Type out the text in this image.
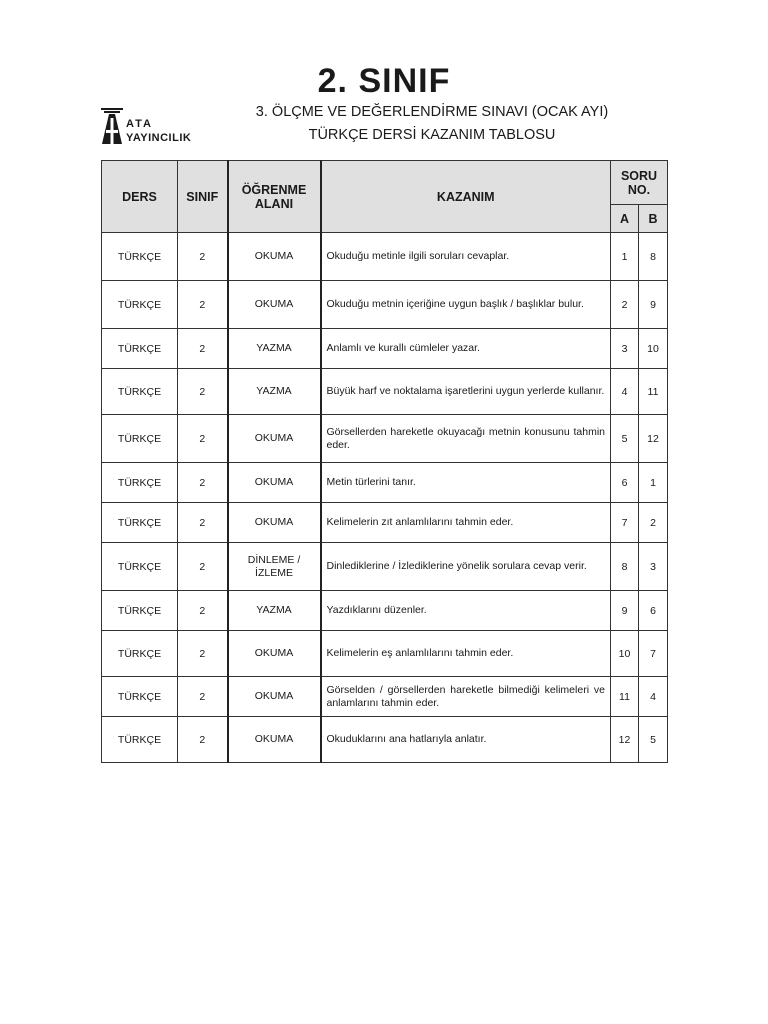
2. SINIF
ATA
YAYINCILIK

3. ÖLÇME VE DEĞERLENDİRME SINAVI (OCAK AYI)

TÜRKÇE DERSİ KAZANIM TABLOSU

DERS	SINIF	ÖĞRENME ALANI	KAZANIM	SORU NO.	
				A	B
TÜRKÇE	2	OKUMA	Okuduğu metinle ilgili soruları cevaplar.	1	8
TÜRKÇE	2	OKUMA	Okuduğu metnin içeriğine uygun başlık / başlıklar bulur.	2	9
TÜRKÇE	2	YAZMA	Anlamlı ve kurallı cümleler yazar.	3	10
TÜRKÇE	2	YAZMA	Büyük harf ve noktalama işaretlerini uygun yerlerde kullanır.	4	11
TÜRKÇE	2	OKUMA	Görsellerden hareketle okuyacağı metnin konusunu tahmin eder.	5	12
TÜRKÇE	2	OKUMA	Metin türlerini tanır.	6	1
TÜRKÇE	2	OKUMA	Kelimelerin zıt anlamlılarını tahmin eder.	7	2
TÜRKÇE	2	DİNLEME / İZLEME	Dinlediklerine / İzlediklerine yönelik sorulara cevap verir.	8	3
TÜRKÇE	2	YAZMA	Yazdıklarını düzenler.	9	6
TÜRKÇE	2	OKUMA	Kelimelerin eş anlamlılarını tahmin eder.	10	7
TÜRKÇE	2	OKUMA	Görselden / görsellerden hareketle bilmediği kelimeleri ve anlamlarını tahmin eder.	11	4
TÜRKÇE	2	OKUMA	Okuduklarını ana hatlarıyla anlatır.	12	5
